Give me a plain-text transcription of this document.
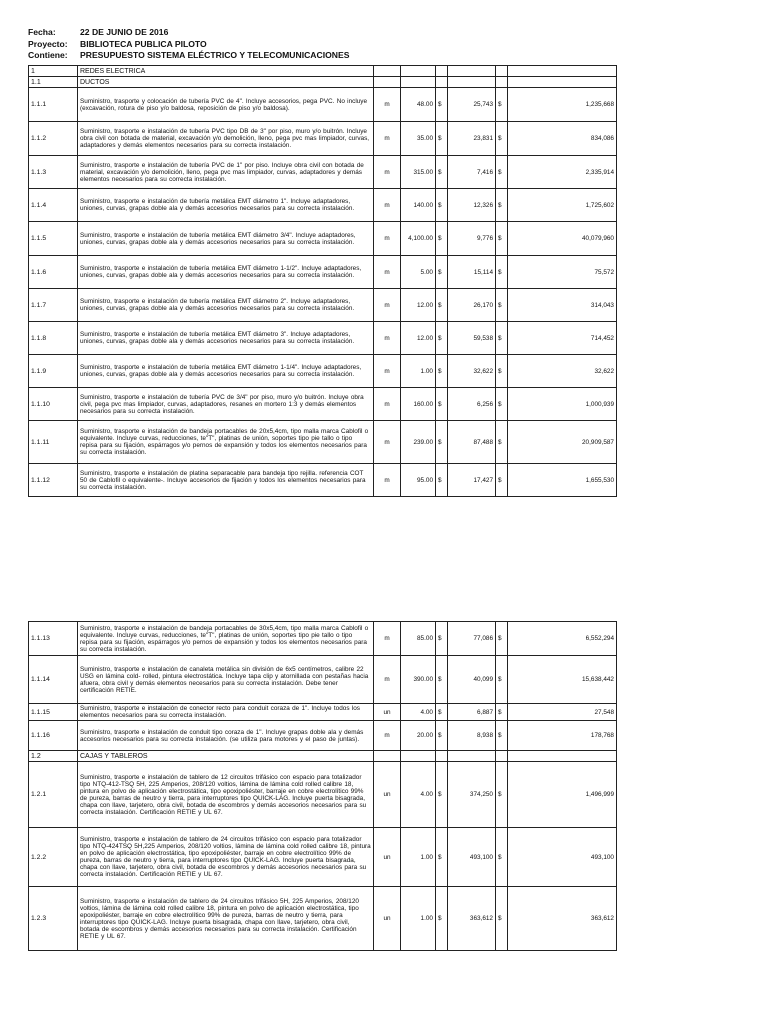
Fecha:	22 DE JUNIO DE 2016
Proyecto:	BIBLIOTECA PUBLICA PILOTO
Contiene:	PRESUPUESTO SISTEMA ELÉCTRICO Y TELECOMUNICACIONES
1	REDES ELECTRICA						
1.1	DUCTOS						
1.1.1	Suministro, trasporte y colocación de tubería PVC de 4". Incluye accesorios, pega PVC. No incluye (excavación, rotura de piso y/o baldosa, reposición de piso y/o baldosa).	m	48.00	$	25,743	$	1,235,668
1.1.2	Suministro, trasporte e instalación de tubería PVC tipo DB de 3" por piso, muro y/o buitrón. Incluye obra civil con botada de material, excavación y/o demolición, lleno, pega pvc mas limpiador, curvas, adaptadores y demás elementos necesarios para su correcta instalación.	m	35.00	$	23,831	$	834,086
1.1.3	Suministro, trasporte e instalación de tubería PVC de 1" por piso. Incluye obra civil con botada de material, excavación y/o demolición, lleno, pega pvc mas limpiador, curvas, adaptadores y demás elementos necesarios para su correcta instalación.	m	315.00	$	7,416	$	2,335,914
1.1.4	Suministro, trasporte e instalación de tubería metálica EMT diámetro 1". Incluye adaptadores, uniones, curvas, grapas doble ala y demás accesorios necesarios para su correcta instalación.	m	140.00	$	12,326	$	1,725,602
1.1.5	Suministro, trasporte e instalación de tubería metálica EMT diámetro 3/4". Incluye adaptadores, uniones, curvas, grapas doble ala y demás accesorios necesarios para su correcta instalación.	m	4,100.00	$	9,776	$	40,079,960
1.1.6	Suministro, trasporte e instalación de tubería metálica EMT diámetro 1-1/2". Incluye adaptadores, uniones, curvas, grapas doble ala y demás accesorios necesarios para su correcta instalación.	m	5.00	$	15,114	$	75,572
1.1.7	Suministro, trasporte e instalación de tubería metálica EMT diámetro 2". Incluye adaptadores, uniones, curvas, grapas doble ala y demás accesorios necesarios para su correcta instalación.	m	12.00	$	26,170	$	314,043
1.1.8	Suministro, trasporte e instalación de tubería metálica EMT diámetro 3". Incluye adaptadores, uniones, curvas, grapas doble ala y demás accesorios necesarios para su correcta instalación.	m	12.00	$	59,538	$	714,452
1.1.9	Suministro, trasporte e instalación de tubería metálica EMT diámetro 1-1/4". Incluye adaptadores, uniones, curvas, grapas doble ala y demás accesorios necesarios para su correcta instalación.	m	1.00	$	32,622	$	32,622
1.1.10	Suministro, trasporte e instalación de tubería PVC de 3/4" por piso, muro y/o buitrón. Incluye obra civil, pega pvc mas limpiador, curvas, adaptadores, resanes en mortero 1:3 y demás elementos necesarios para su correcta instalación.	m	160.00	$	6,256	$	1,000,939
1.1.11	Suministro, trasporte e instalación de bandeja portacables de 20x5,4cm, tipo malla marca Cablofil o equivalente. Incluye curvas, reducciones, te"T", platinas de unión, soportes tipo pie tallo o tipo repisa para su fijación, espárragos y/o pernos de expansión y todos los elementos necesarios para su correcta instalación.	m	239.00	$	87,488	$	20,909,587
1.1.12	Suministro, trasporte e instalación de platina separacable para bandeja tipo rejilla. referencia COT 50 de Cablofil o equivalente-. Incluye accesorios de fijación y todos los elementos necesarios para su correcta instalación.	m	95.00	$	17,427	$	1,655,530
1.1.13	Suministro, trasporte e instalación de bandeja portacables de 30x5,4cm, tipo malla marca Cablofil o equivalente. Incluye curvas, reducciones, te"T", platinas de unión, soportes tipo pie tallo o tipo repisa para su fijación, espárragos y/o pernos de expansión y todos los elementos necesarios para su correcta instalación.	m	85.00	$	77,086	$	6,552,294
1.1.14	Suministro, trasporte e instalación de canaleta metálica sin división de 6x5 centímetros, calibre 22 USG en lámina cold- rolled, pintura electrostática. Incluye tapa clip y atornillada con pestañas hacia afuera, obra civil y demás elementos necesarios para su correcta instalación. Debe tener certificación RETIE.	m	390.00	$	40,099	$	15,638,442
1.1.15	Suministro, trasporte e instalación de conector recto para conduit coraza de 1". Incluye todos los elementos necesarios para su correcta instalación.	un	4.00	$	6,887	$	27,548
1.1.16	Suministro, trasporte e instalación de conduit tipo coraza de 1". Incluye grapas doble ala y demás accesorios necesarios para su correcta instalación. (se utiliza para motores y el paso de juntas).	m	20.00	$	8,938	$	178,768
1.2	CAJAS Y TABLEROS						
1.2.1	Suministro, trasporte e instalación de tablero de 12 circuitos trifásico con espacio para totalizador tipo NTQ-412-TSQ 5H, 225 Amperios, 208/120 voltios, lámina de lámina cold rolled calibre 18, pintura en polvo de aplicación electrostática, tipo epoxipoliéster, barraje en cobre electrolítico 99% de pureza, barras de neutro y tierra, para interruptores tipo QUICK-LAG. Incluye puerta bisagrada, chapa con llave, tarjetero, obra civil, botada de escombros y demás accesorios necesarios para su correcta instalación. Certificación RETIE y UL 67.	un	4.00	$	374,250	$	1,496,999
1.2.2	Suministro, trasporte e instalación de tablero de 24 circuitos trifásico con espacio para totalizador tipo NTQ-424TSQ 5H,225 Amperios, 208/120 voltios, lámina de lámina cold rolled calibre 18, pintura en polvo de aplicación electrostática, tipo epoxipoliéster, barraje en cobre electrolítico 99% de pureza, barras de neutro y tierra, para interruptores tipo QUICK-LAG. Incluye puerta bisagrada, chapa con llave, tarjetero, obra civil, botada de escombros y demás accesorios necesarios para su correcta instalación. Certificación RETIE y UL 67.	un	1.00	$	493,100	$	493,100
1.2.3	Suministro, trasporte e instalación de tablero de 24 circuitos trifásico 5H, 225 Amperios, 208/120 voltios, lámina de lámina cold rolled calibre 18, pintura en polvo de aplicación electrostática, tipo epoxipoliéster, barraje en cobre electrolítico 99% de pureza, barras de neutro y tierra, para interruptores tipo QUICK-LAG. Incluye puerta bisagrada, chapa con llave, tarjetero, obra civil, botada de escombros y demás accesorios necesarios para su correcta instalación. Certificación RETIE y UL 67.	un	1.00	$	363,612	$	363,612
